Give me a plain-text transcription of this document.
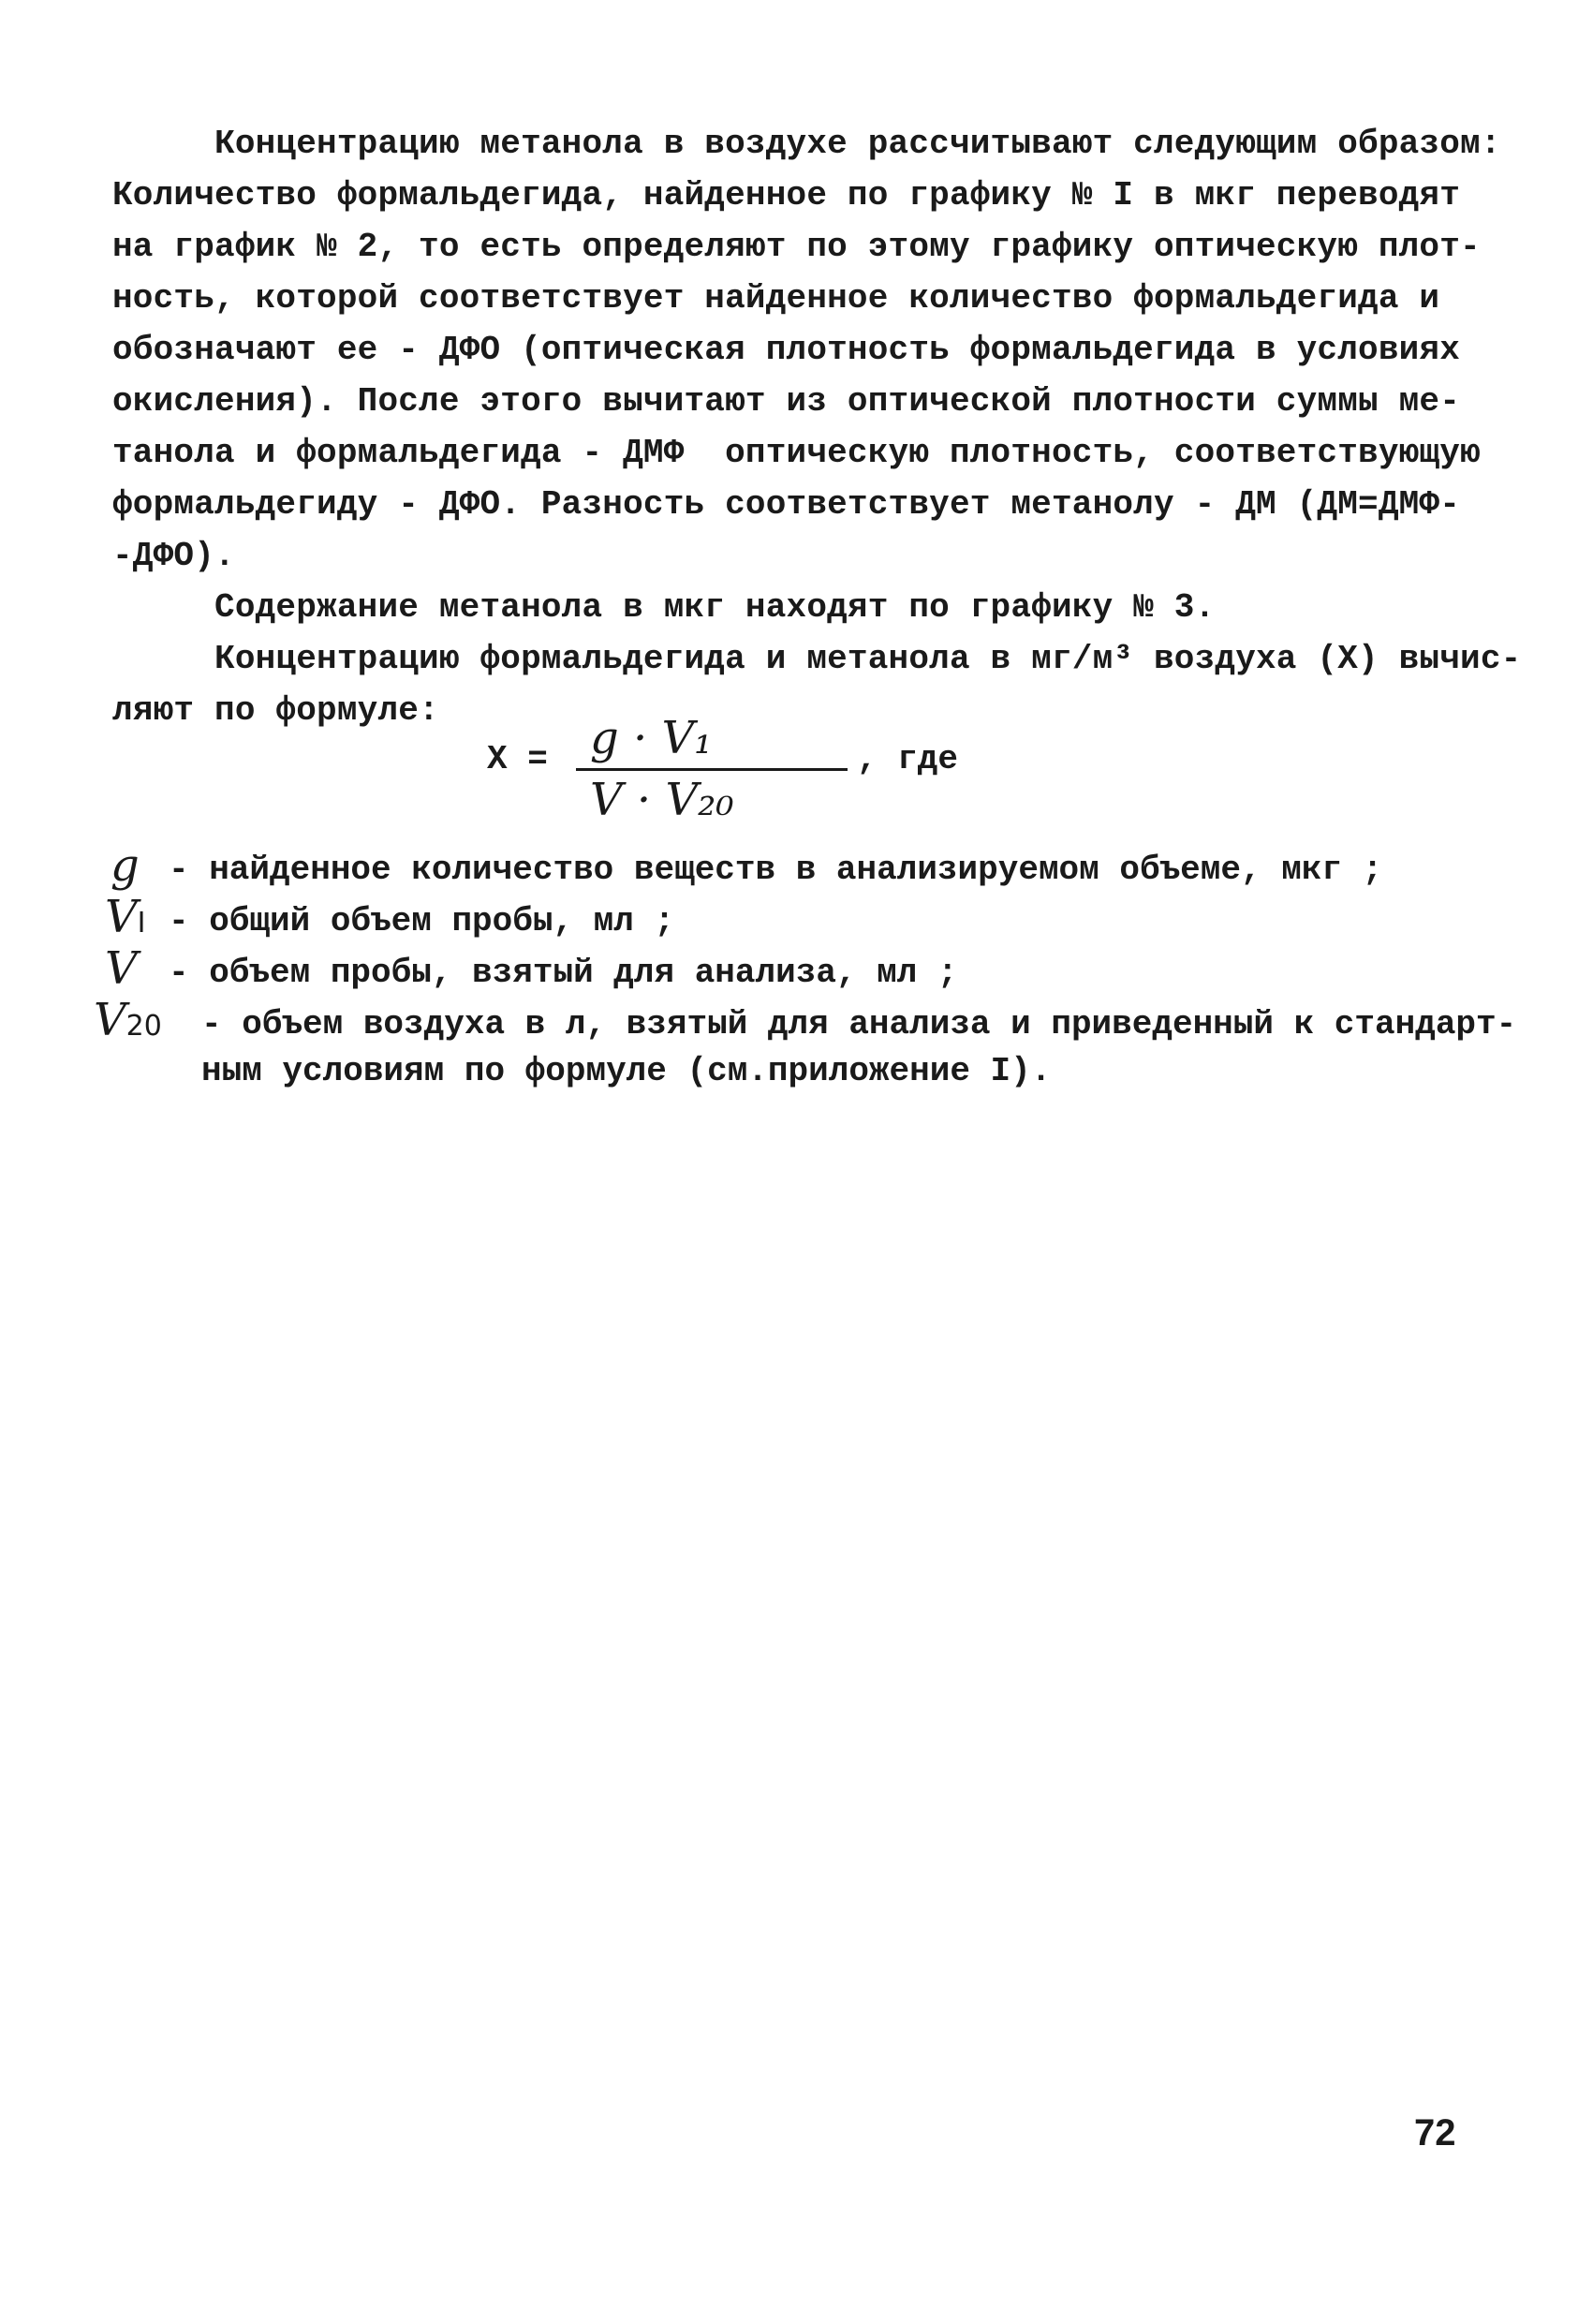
Концентрацию метанола в воздухе рассчитывают следующим образом:
Количество формальдегида, найденное по графику № I в мкг переводят
на график № 2, то есть определяют по этому графику оптическую плот-
ность, которой соответствует найденное количество формальдегида и
обозначают ее - ДФО (оптическая плотность формальдегида в условиях
окисления). После этого вычитают из оптической плотности суммы ме-
танола и формальдегида - ДМФ  оптическую плотность, соответствующую
формальдегиду - ДФО. Разность соответствует метанолу - ДМ (ДМ=ДМФ-
-ДФО).
Содержание метанола в мкг находят по графику № 3.
Концентрацию формальдегида и метанола в мг/м³ воздуха (X) вычис-
ляют по формуле:
X = g · V₁
V · V₂₀
, где
g - найденное количество веществ в анализируемом объеме, мкг ;
VI - общий объем пробы, мл ;
V - объем пробы, взятый для анализа, мл ;
V20 - объем воздуха в л, взятый для анализа и приведенный к стандарт-
ным условиям по формуле (см.приложение I).
72
